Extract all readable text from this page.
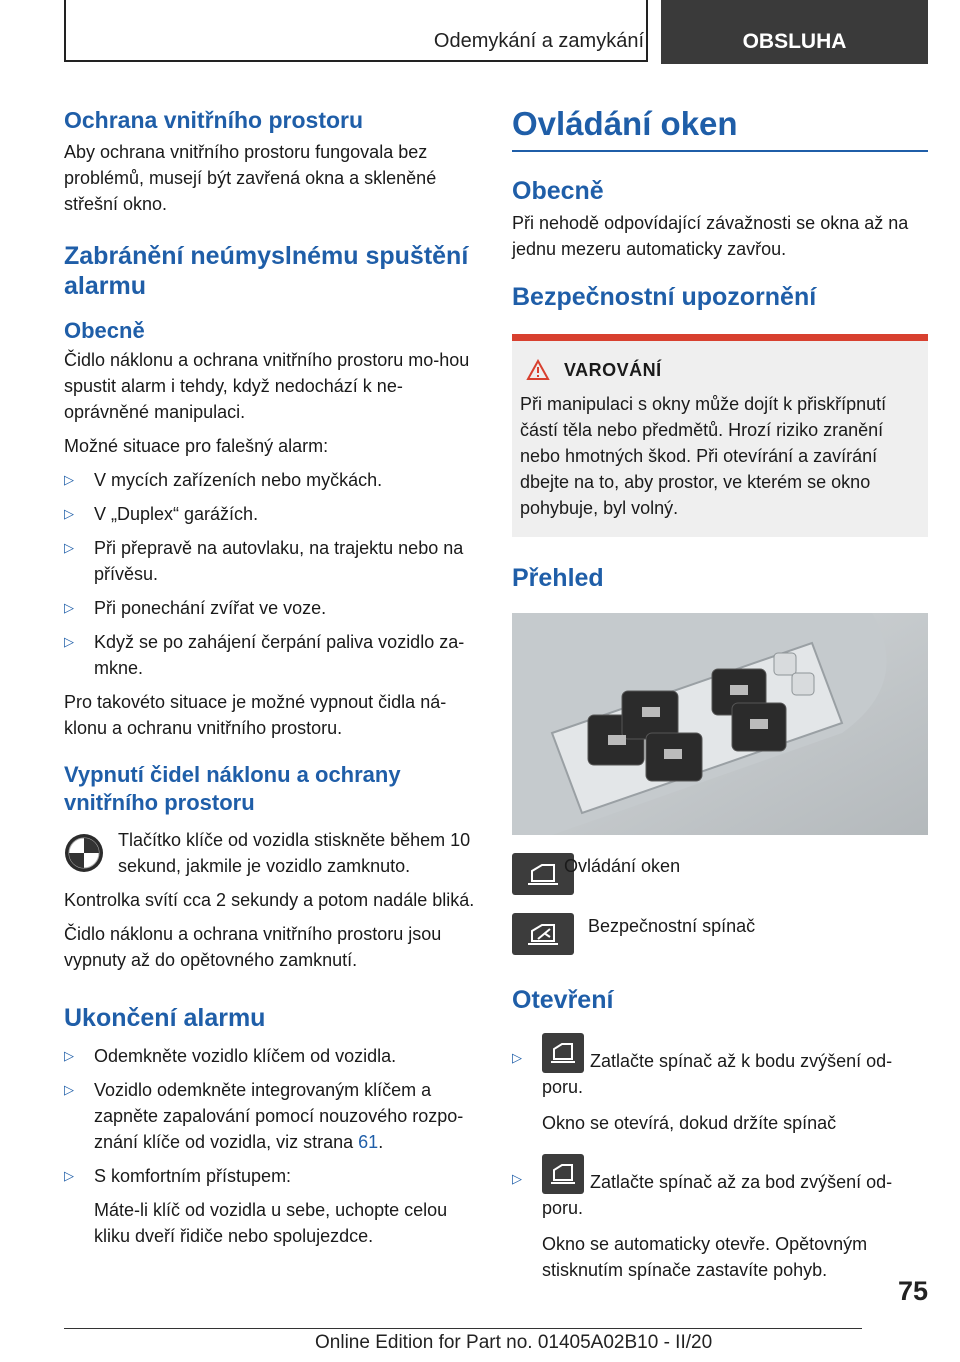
Odemykání a zamykání	OBSLUHA
Ochrana vnitřního prostoru

Aby ochrana vnitřního prostoru fungovala bez problémů, musejí být zavřená okna a skleněné střešní okno.

Zabránění neúmyslnému spuštění alarmu
Obecně

Čidlo náklonu a ochrana vnitřního prostoru mo-hou spustit alarm i tehdy, když nedochází k ne-oprávněné manipulaci.

Možné situace pro falešný alarm:

▷ V mycích zařízeních nebo myčkách.
▷ V „Duplex“ garážích.
▷ Při přepravě na autovlaku, na trajektu nebo na přívěsu.
▷ Při ponechání zvířat ve voze.
▷ Když se po zahájení čerpání paliva vozidlo za-mkne.

Pro takovéto situace je možné vypnout čidla ná-klonu a ochranu vnitřního prostoru.

Vypnutí čidel náklonu a ochrany vnitřního prostoru

Tlačítko klíče od vozidla stiskněte během 10 sekund, jakmile je vozidlo zamknuto.

Kontrolka svítí cca 2 sekundy a potom nadále bliká.

Čidlo náklonu a ochrana vnitřního prostoru jsou vypnuty až do opětovného zamknutí.

Ukončení alarmu
▷ Odemkněte vozidlo klíčem od vozidla.
▷ Vozidlo odemkněte integrovaným klíčem a zapněte zapalování pomocí nouzového rozpo-znání klíče od vozidla, viz strana 61.
▷ S komfortním přístupem:
Máte-li klíč od vozidla u sebe, uchopte celou kliku dveří řidiče nebo spolujezdce.
Ovládání oken
Obecně

Při nehodě odpovídající závažnosti se okna až na jednu mezeru automaticky zavřou.

Bezpečnostní upozornění
VAROVÁNÍ

Při manipulaci s okny může dojít k přiskřípnutí částí těla nebo předmětů. Hrozí riziko zranění nebo hmotných škod. Při otevírání a zavírání dbejte na to, aby prostor, ve kterém se okno pohybuje, byl volný.

Přehled
Ovládání oken
Bezpečnostní spínač
Otevření
▷	Zatlačte spínač až k bodu zvýšení od-poru.
Okno se otevírá, dokud držíte spínač
▷	Zatlačte spínač až za bod zvýšení od-poru.
Okno se automaticky otevře. Opětovným stisknutím spínače zastavíte pohyb.
75
Online Edition for Part no. 01405A02B10 - II/20
